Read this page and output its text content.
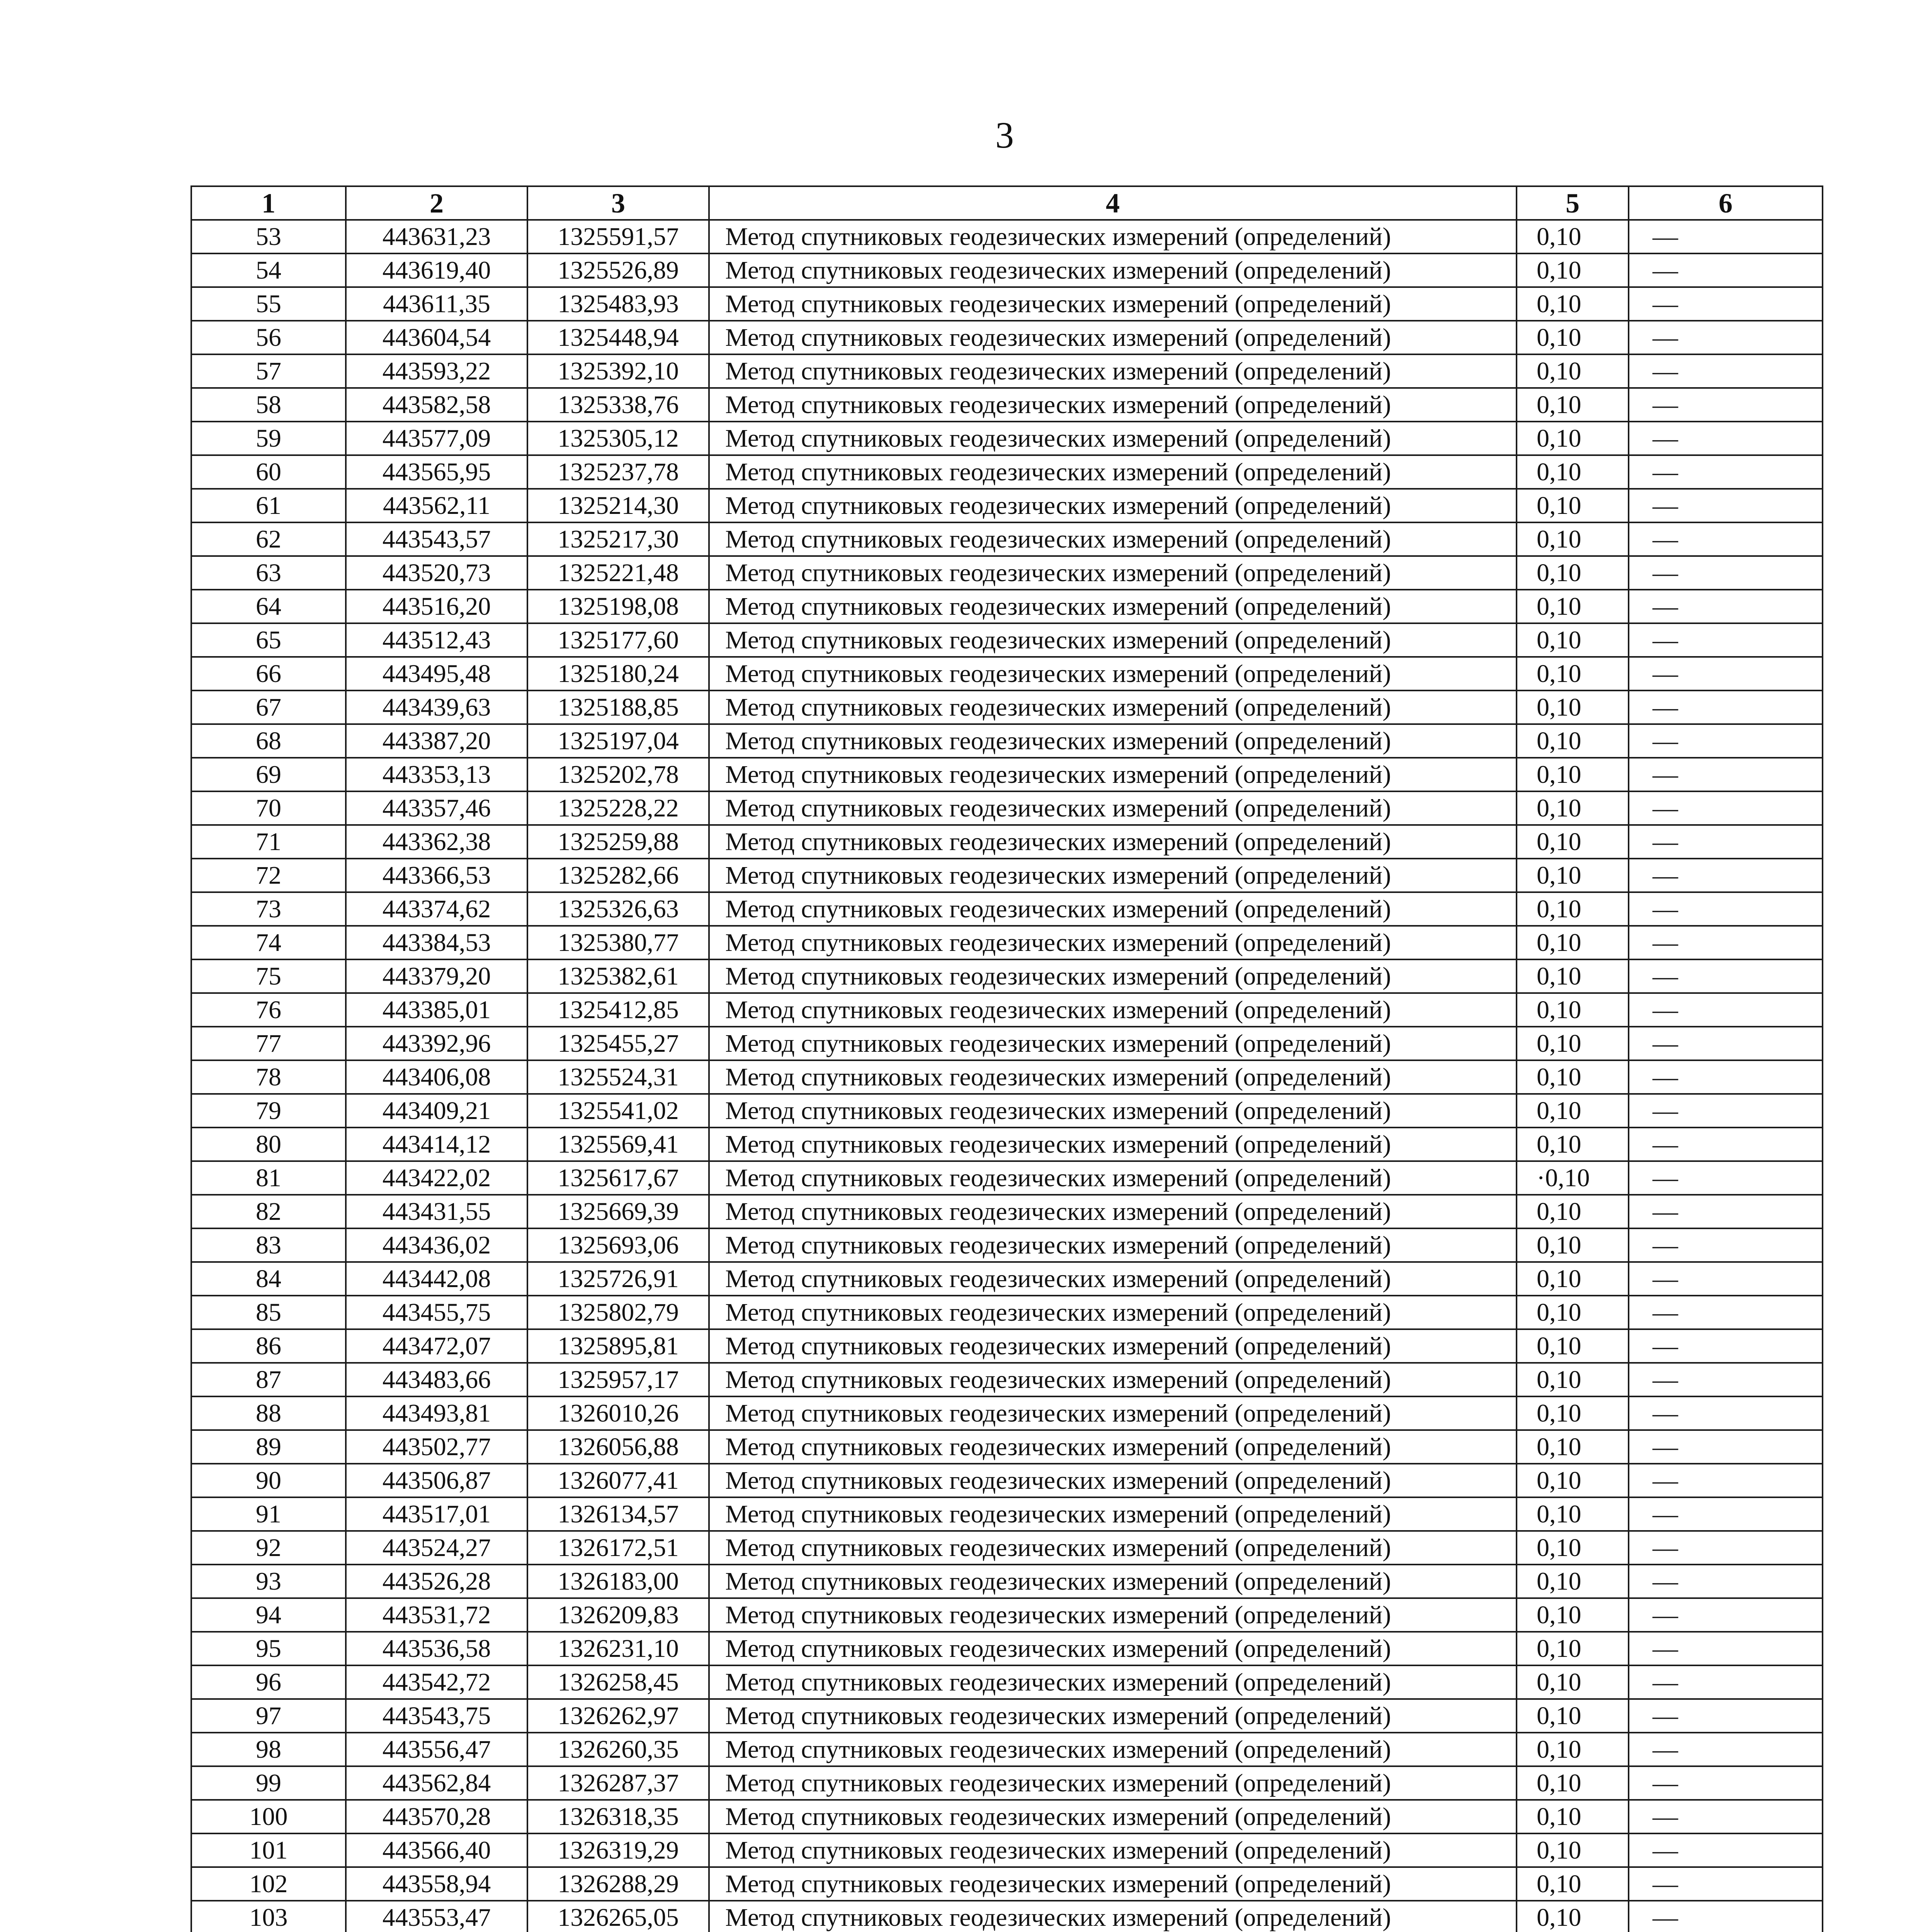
3
1	2	3	4	5	6
53	443631,23	1325591,57	Метод спутниковых геодезических измерений (определений)	0,10	—
54	443619,40	1325526,89	Метод спутниковых геодезических измерений (определений)	0,10	—
55	443611,35	1325483,93	Метод спутниковых геодезических измерений (определений)	0,10	—
56	443604,54	1325448,94	Метод спутниковых геодезических измерений (определений)	0,10	—
57	443593,22	1325392,10	Метод спутниковых геодезических измерений (определений)	0,10	—
58	443582,58	1325338,76	Метод спутниковых геодезических измерений (определений)	0,10	—
59	443577,09	1325305,12	Метод спутниковых геодезических измерений (определений)	0,10	—
60	443565,95	1325237,78	Метод спутниковых геодезических измерений (определений)	0,10	—
61	443562,11	1325214,30	Метод спутниковых геодезических измерений (определений)	0,10	—
62	443543,57	1325217,30	Метод спутниковых геодезических измерений (определений)	0,10	—
63	443520,73	1325221,48	Метод спутниковых геодезических измерений (определений)	0,10	—
64	443516,20	1325198,08	Метод спутниковых геодезических измерений (определений)	0,10	—
65	443512,43	1325177,60	Метод спутниковых геодезических измерений (определений)	0,10	—
66	443495,48	1325180,24	Метод спутниковых геодезических измерений (определений)	0,10	—
67	443439,63	1325188,85	Метод спутниковых геодезических измерений (определений)	0,10	—
68	443387,20	1325197,04	Метод спутниковых геодезических измерений (определений)	0,10	—
69	443353,13	1325202,78	Метод спутниковых геодезических измерений (определений)	0,10	—
70	443357,46	1325228,22	Метод спутниковых геодезических измерений (определений)	0,10	—
71	443362,38	1325259,88	Метод спутниковых геодезических измерений (определений)	0,10	—
72	443366,53	1325282,66	Метод спутниковых геодезических измерений (определений)	0,10	—
73	443374,62	1325326,63	Метод спутниковых геодезических измерений (определений)	0,10	—
74	443384,53	1325380,77	Метод спутниковых геодезических измерений (определений)	0,10	—
75	443379,20	1325382,61	Метод спутниковых геодезических измерений (определений)	0,10	—
76	443385,01	1325412,85	Метод спутниковых геодезических измерений (определений)	0,10	—
77	443392,96	1325455,27	Метод спутниковых геодезических измерений (определений)	0,10	—
78	443406,08	1325524,31	Метод спутниковых геодезических измерений (определений)	0,10	—
79	443409,21	1325541,02	Метод спутниковых геодезических измерений (определений)	0,10	—
80	443414,12	1325569,41	Метод спутниковых геодезических измерений (определений)	0,10	—
81	443422,02	1325617,67	Метод спутниковых геодезических измерений (определений)	·0,10	—
82	443431,55	1325669,39	Метод спутниковых геодезических измерений (определений)	0,10	—
83	443436,02	1325693,06	Метод спутниковых геодезических измерений (определений)	0,10	—
84	443442,08	1325726,91	Метод спутниковых геодезических измерений (определений)	0,10	—
85	443455,75	1325802,79	Метод спутниковых геодезических измерений (определений)	0,10	—
86	443472,07	1325895,81	Метод спутниковых геодезических измерений (определений)	0,10	—
87	443483,66	1325957,17	Метод спутниковых геодезических измерений (определений)	0,10	—
88	443493,81	1326010,26	Метод спутниковых геодезических измерений (определений)	0,10	—
89	443502,77	1326056,88	Метод спутниковых геодезических измерений (определений)	0,10	—
90	443506,87	1326077,41	Метод спутниковых геодезических измерений (определений)	0,10	—
91	443517,01	1326134,57	Метод спутниковых геодезических измерений (определений)	0,10	—
92	443524,27	1326172,51	Метод спутниковых геодезических измерений (определений)	0,10	—
93	443526,28	1326183,00	Метод спутниковых геодезических измерений (определений)	0,10	—
94	443531,72	1326209,83	Метод спутниковых геодезических измерений (определений)	0,10	—
95	443536,58	1326231,10	Метод спутниковых геодезических измерений (определений)	0,10	—
96	443542,72	1326258,45	Метод спутниковых геодезических измерений (определений)	0,10	—
97	443543,75	1326262,97	Метод спутниковых геодезических измерений (определений)	0,10	—
98	443556,47	1326260,35	Метод спутниковых геодезических измерений (определений)	0,10	—
99	443562,84	1326287,37	Метод спутниковых геодезических измерений (определений)	0,10	—
100	443570,28	1326318,35	Метод спутниковых геодезических измерений (определений)	0,10	—
101	443566,40	1326319,29	Метод спутниковых геодезических измерений (определений)	0,10	—
102	443558,94	1326288,29	Метод спутниковых геодезических измерений (определений)	0,10	—
103	443553,47	1326265,05	Метод спутниковых геодезических измерений (определений)	0,10	—
